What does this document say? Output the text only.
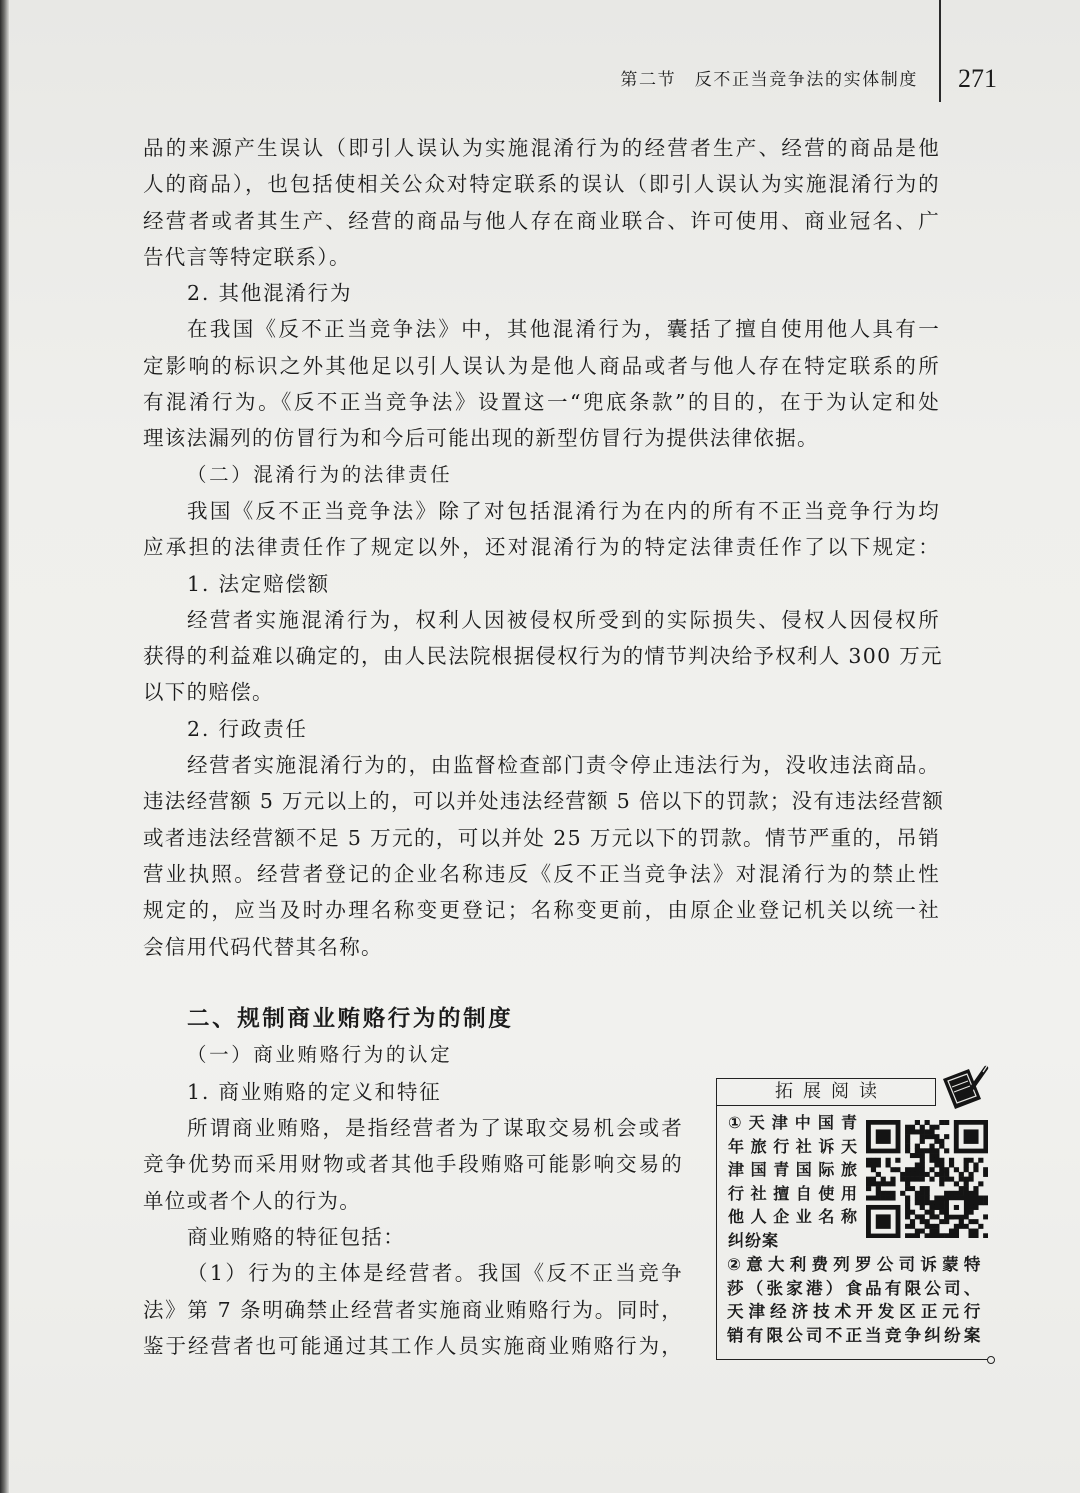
第二节　反不正当竞争法的实体制度 271
品的来源产生误认（即引人误认为实施混淆行为的经营者生产、经营的商品是他
人的商品），也包括使相关公众对特定联系的误认（即引人误认为实施混淆行为的
经营者或者其生产、经营的商品与他人存在商业联合、许可使用、商业冠名、广
告代言等特定联系）。
2. 其他混淆行为
在我国《反不正当竞争法》中，其他混淆行为，囊括了擅自使用他人具有一
定影响的标识之外其他足以引人误认为是他人商品或者与他人存在特定联系的所
有混淆行为。《反不正当竞争法》设置这一“兜底条款”的目的，在于为认定和处
理该法漏列的仿冒行为和今后可能出现的新型仿冒行为提供法律依据。
（二）混淆行为的法律责任
我国《反不正当竞争法》除了对包括混淆行为在内的所有不正当竞争行为均
应承担的法律责任作了规定以外，还对混淆行为的特定法律责任作了以下规定：
1. 法定赔偿额
经营者实施混淆行为，权利人因被侵权所受到的实际损失、侵权人因侵权所
获得的利益难以确定的，由人民法院根据侵权行为的情节判决给予权利人 300 万元
以下的赔偿。
2. 行政责任
经营者实施混淆行为的，由监督检查部门责令停止违法行为，没收违法商品。
违法经营额 5 万元以上的，可以并处违法经营额 5 倍以下的罚款；没有违法经营额
或者违法经营额不足 5 万元的，可以并处 25 万元以下的罚款。情节严重的，吊销
营业执照。经营者登记的企业名称违反《反不正当竞争法》对混淆行为的禁止性
规定的，应当及时办理名称变更登记；名称变更前，由原企业登记机关以统一社
会信用代码代替其名称。
二、规制商业贿赂行为的制度
（一）商业贿赂行为的认定
1. 商业贿赂的定义和特征
所谓商业贿赂，是指经营者为了谋取交易机会或者
竞争优势而采用财物或者其他手段贿赂可能影响交易的
单位或者个人的行为。
商业贿赂的特征包括：
（1）行为的主体是经营者。我国《反不正当竞争
法》第 7 条明确禁止经营者实施商业贿赂行为。同时，
鉴于经营者也可能通过其工作人员实施商业贿赂行为，
拓展阅读
①天津中国青
年旅行社诉天
津国青国际旅
行社擅自使用
他人企业名称
纠纷案
②意大利费列罗公司诉蒙特
莎（张家港）食品有限公司、
天津经济技术开发区正元行
销有限公司不正当竞争纠纷案
